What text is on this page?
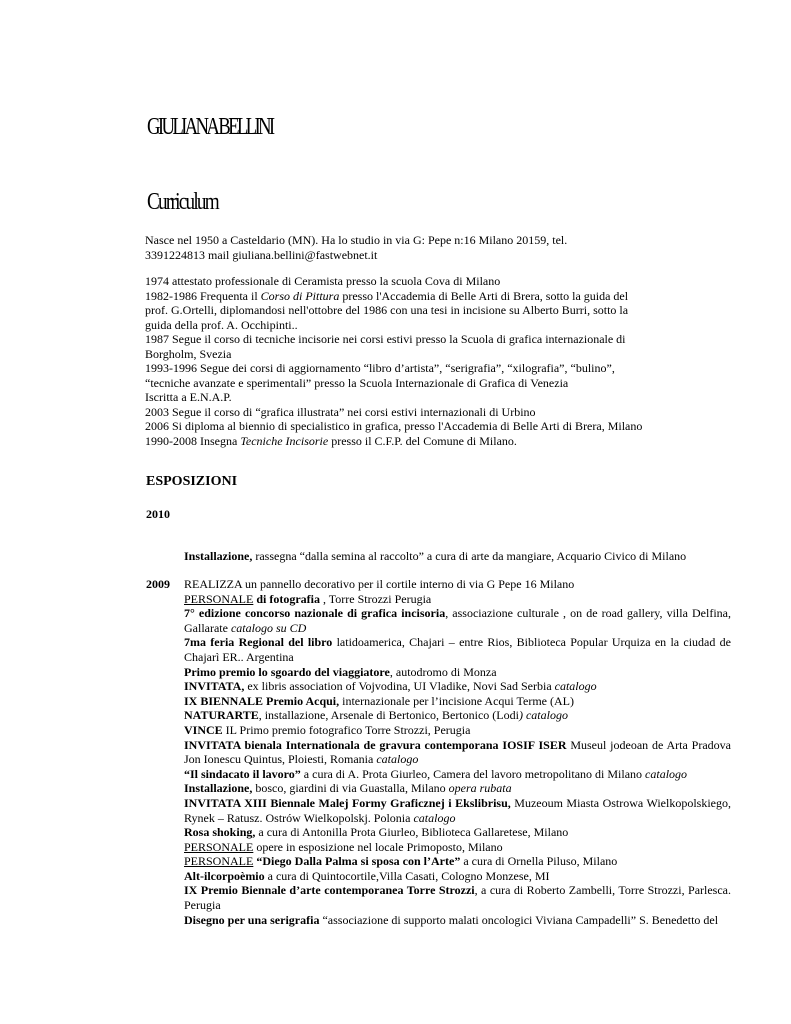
GIULIANA BELLINI
Curriculum

Nasce nel 1950 a Casteldario (MN). Ha lo studio in via G: Pepe n:16 Milano 20159, tel.

3391224813 mail giuliana.bellini@fastwebnet.it

1974 attestato professionale di Ceramista presso la scuola Cova di Milano

1982-1986 Frequenta il Corso di Pittura presso l'Accademia di Belle Arti di Brera, sotto la guida del prof. G.Ortelli, diplomandosi nell'ottobre del 1986 con una tesi in incisione su Alberto Burri, sotto la guida della prof. A. Occhipinti..

1987 Segue il corso di tecniche incisorie nei corsi estivi presso la Scuola di grafica internazionale di Borgholm, Svezia

1993-1996 Segue dei corsi di aggiornamento “libro d’artista”, “serigrafia”, “xilografia”, “bulino”, “tecniche avanzate e sperimentali” presso la Scuola Internazionale di Grafica di Venezia

Iscritta a E.N.A.P.

2003 Segue il corso di “grafica illustrata” nei corsi estivi internazionali di Urbino

2006 Si diploma al biennio di specialistico in grafica, presso l'Accademia di Belle Arti di Brera, Milano

1990-2008 Insegna Tecniche Incisorie presso il C.F.P. del Comune di Milano.

ESPOSIZIONI
2010
Installazione, rassegna “dalla semina al raccolto” a cura di arte da mangiare, Acquario Civico di Milano
2009 REALIZZA un pannello decorativo per il cortile interno di via G Pepe 16 Milano

PERSONALE di fotografia , Torre Strozzi Perugia

7° edizione concorso nazionale di grafica incisoria, associazione culturale , on de road gallery, villa Delfina, Gallarate catalogo su CD

7ma feria Regional del libro latidoamerica, Chajari – entre Rios, Biblioteca Popular Urquiza en la ciudad de Chajarì ER.. Argentina

Primo premio lo sgoardo del viaggiatore, autodromo di Monza

INVITATA, ex libris association of Vojvodina, UI Vladike, Novi Sad Serbia catalogo

IX BIENNALE Premio Acqui, internazionale per l’incisione Acqui Terme (AL)

NATURARTE, installazione, Arsenale di Bertonico, Bertonico (Lodi) catalogo

VINCE IL Primo premio fotografico Torre Strozzi, Perugia

INVITATA bienala Internationala de gravura contemporana IOSIF ISER Museul jodeoan de Arta Pradova Jon Ionescu Quintus, Ploiesti, Romania catalogo

“Il sindacato il lavoro” a cura di A. Prota Giurleo, Camera del lavoro metropolitano di Milano catalogo

Installazione, bosco, giardini di via Guastalla, Milano opera rubata

INVITATA XIII Biennale Malej Formy Graficznej i Ekslibrisu, Muzeoum Miasta Ostrowa Wielkopolskiego, Rynek – Ratusz. Ostrów Wielkopolskj. Polonia catalogo

Rosa shoking, a cura di Antonilla Prota Giurleo, Biblioteca Gallaretese, Milano

PERSONALE opere in esposizione nel locale Primoposto, Milano

PERSONALE “Diego Dalla Palma si sposa con l’Arte” a cura di Ornella Piluso, Milano

Alt-ilcorpoèmio a cura di Quintocortile,Villa Casati, Cologno Monzese, MI

IX Premio Biennale d’arte contemporanea Torre Strozzi, a cura di Roberto Zambelli, Torre Strozzi, Parlesca. Perugia

Disegno per una serigrafia “associazione di supporto malati oncologici Viviana Campadelli” S. Benedetto del
